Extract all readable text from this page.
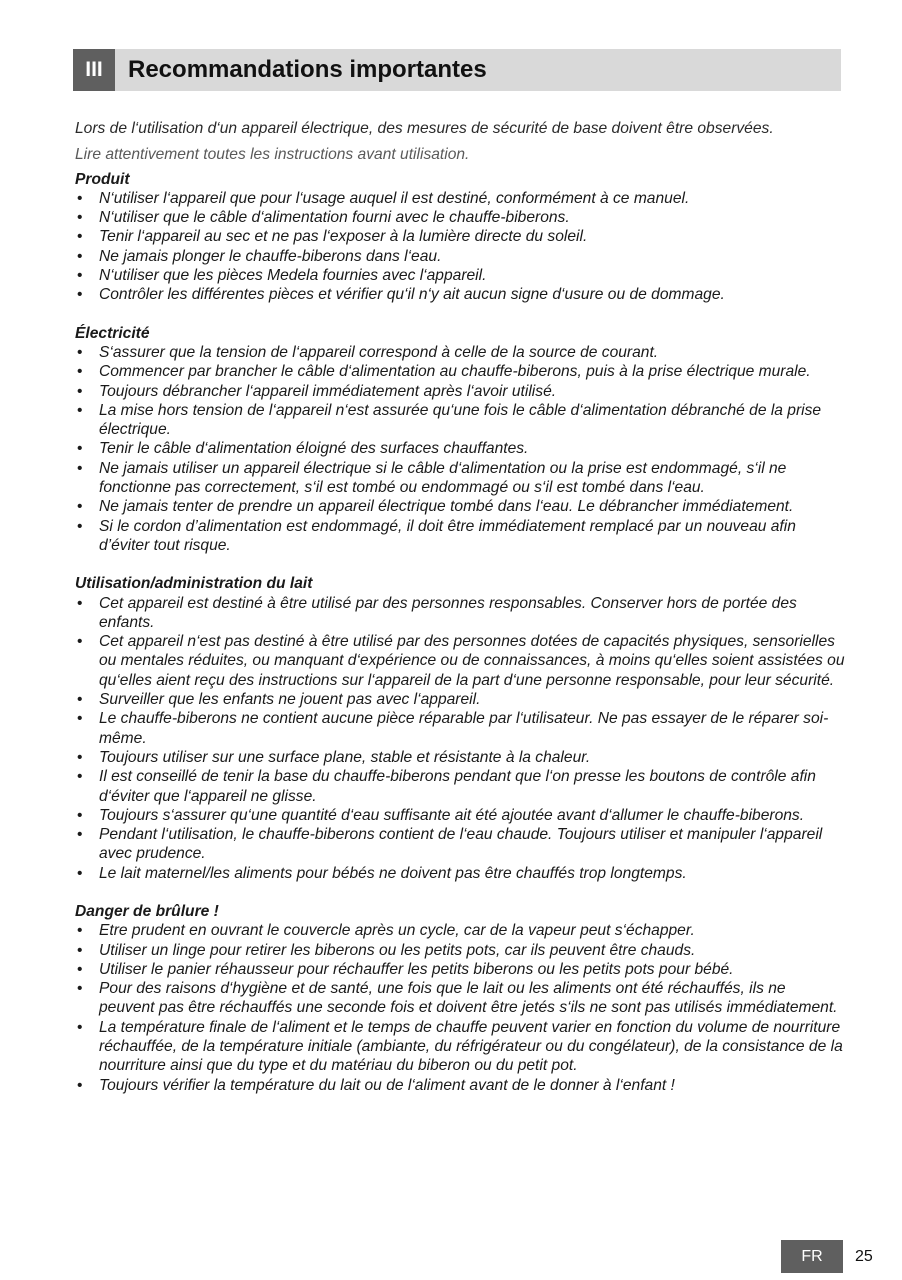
III	Recommandations importantes

Lors de l‘utilisation d‘un appareil électrique, des mesures de sécurité de base doivent être observées.

Lire attentivement toutes les instructions avant utilisation.

Produit

• N‘utiliser l‘appareil que pour l‘usage auquel il est destiné, conformément à ce manuel.
• N‘utiliser que le câble d‘alimentation fourni avec le chauffe-biberons.
• Tenir l‘appareil au sec et ne pas l‘exposer à la lumière directe du soleil.
• Ne jamais plonger le chauffe-biberons dans l‘eau.
• N‘utiliser que les pièces Medela fournies avec l‘appareil.
• Contrôler les différentes pièces et vérifier qu‘il n‘y ait aucun signe d‘usure ou de dommage.

Électricité

• S‘assurer que la tension de l‘appareil correspond à celle de la source de courant.
• Commencer par brancher le câble d‘alimentation au chauffe-biberons, puis à la prise électrique murale.
• Toujours débrancher l‘appareil immédiatement après l‘avoir utilisé.
• La mise hors tension de l‘appareil n‘est assurée qu‘une fois le câble d‘alimentation débranché de la prise électrique.
• Tenir le câble d‘alimentation éloigné des surfaces chauffantes.
• Ne jamais utiliser un appareil électrique si le câble d‘alimentation ou la prise est endommagé, s‘il ne fonctionne pas correctement, s‘il est tombé ou endommagé ou s‘il est tombé dans l‘eau.
• Ne jamais tenter de prendre un appareil électrique tombé dans l‘eau. Le débrancher immédiatement.
• Si le cordon d’alimentation est endommagé, il doit être immédiatement remplacé par un nouveau afin d’éviter tout risque.

Utilisation/administration du lait

• Cet appareil est destiné à être utilisé par des personnes responsables. Conserver hors de portée des enfants.
• Cet appareil n‘est pas destiné à être utilisé par des personnes dotées de capacités physiques, sensorielles ou mentales réduites, ou manquant d‘expérience ou de connaissances, à moins qu‘elles soient assistées ou qu‘elles aient reçu des instructions sur l‘appareil de la part d‘une personne responsable, pour leur sécurité.
• Surveiller que les enfants ne jouent pas avec l‘appareil.
• Le chauffe-biberons ne contient aucune pièce réparable par l‘utilisateur. Ne pas essayer de le réparer soi-même.
• Toujours utiliser sur une surface plane, stable et résistante à la chaleur.
• Il est conseillé de tenir la base du chauffe-biberons pendant que l‘on presse les boutons de contrôle afin d‘éviter que l‘appareil ne glisse.
• Toujours s‘assurer qu‘une quantité d‘eau suffisante ait été ajoutée avant d‘allumer le chauffe-biberons.
• Pendant l‘utilisation, le chauffe-biberons contient de l‘eau chaude. Toujours utiliser et manipuler l‘appareil avec prudence.
• Le lait maternel/les aliments pour bébés ne doivent pas être chauffés trop longtemps.

Danger de brûlure !

• Etre prudent en ouvrant le couvercle après un cycle, car de la vapeur peut s‘échapper.
• Utiliser un linge pour retirer les biberons ou les petits pots, car ils peuvent être chauds.
• Utiliser le panier réhausseur pour réchauffer les petits biberons ou les petits pots pour bébé.
• Pour des raisons d‘hygiène et de santé, une fois que le lait ou les aliments ont été réchauffés, ils ne peuvent pas être réchauffés une seconde fois et doivent être jetés s‘ils ne sont pas utilisés immédiatement.
• La température finale de l‘aliment et le temps de chauffe peuvent varier en fonction du volume de nourriture réchauffée, de la température initiale (ambiante, du réfrigérateur ou du congélateur), de la consistance de la nourriture ainsi que du type et du matériau du biberon ou du petit pot.
• Toujours vérifier la température du lait ou de l‘aliment avant de le donner à l‘enfant !
FR	25
